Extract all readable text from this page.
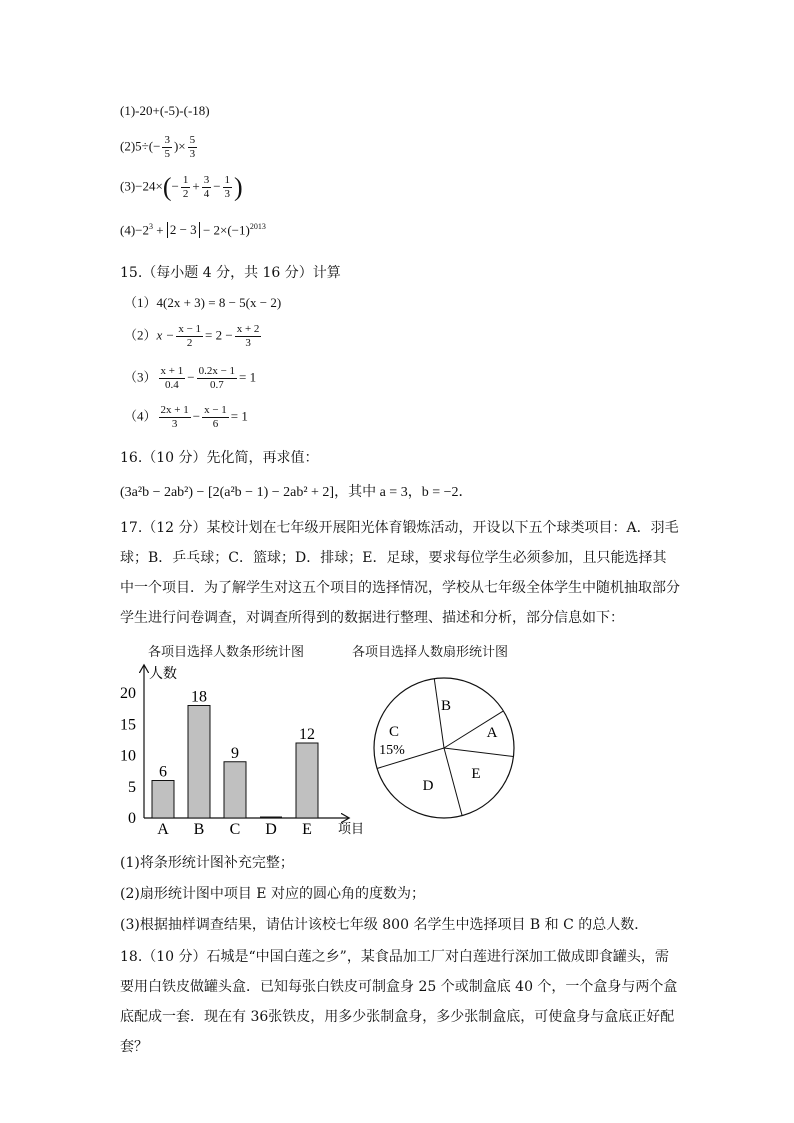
(1)-20+(-5)-(-18)
$(2)5\div(- \frac{3}{5}$ )× $\frac{5}{3}$
$(3)-24\times(- \frac{1}{2} + \frac{3}{4} - \frac{1}{3}$ )
$(4)-2^3 + 2 - 3 - 2\times(-1)^{2013}$
15.（每小题 4 分，共 16 分）计算
（1）4(2x + 3) = 8 − 5(x − 2)
$(2)x - \frac{x - 1}{2} = 2 - \frac{x + 2}{3}$
$(3) \frac{x + 1}{0.4} - \frac{0.2x - 1}{0.7} = 1$
$(4) \frac{2x + 1}{3} - \frac{x - 1}{6} = 1$
16.（10 分）先化简，再求值：
(3a²b − 2ab²) − [2(a²b − 1) − 2ab² + 2]，其中 a = 3，b = −2．
17.（12 分）某校计划在七年级开展阳光体育锻炼活动，开设以下五个球类项目：A．羽毛球；B．乒乓球；C．篮球；D．排球；E．足球，要求每位学生必须参加，且只能选择其中一个项目．为了解学生对这五个项目的选择情况，学校从七年级全体学生中随机抽取部分学生进行问卷调查，对调查所得到的数据进行整理、描述和分析，部分信息如下：
各项目选择人数条形统计图	各项目选择人数扇形统计图
人数
项目
0
5
10
15
20
6
A
18
B
9
C D
12
E
B
A
E
D
C
15%
(1)将条形统计图补充完整；
(2)扇形统计图中项目 E 对应的圆心角的度数为；
(3)根据抽样调查结果，请估计该校七年级 800 名学生中选择项目 B 和 C 的总人数．
18.（10 分）石城是“中国白莲之乡”，某食品加工厂对白莲进行深加工做成即食罐头，需要用白铁皮做罐头盒．已知每张白铁皮可制盒身 25 个或制盒底 40 个，一个盒身与两个盒底配成一套．现在有 36张铁皮，用多少张制盒身，多少张制盒底，可使盒身与盒底正好配套？
